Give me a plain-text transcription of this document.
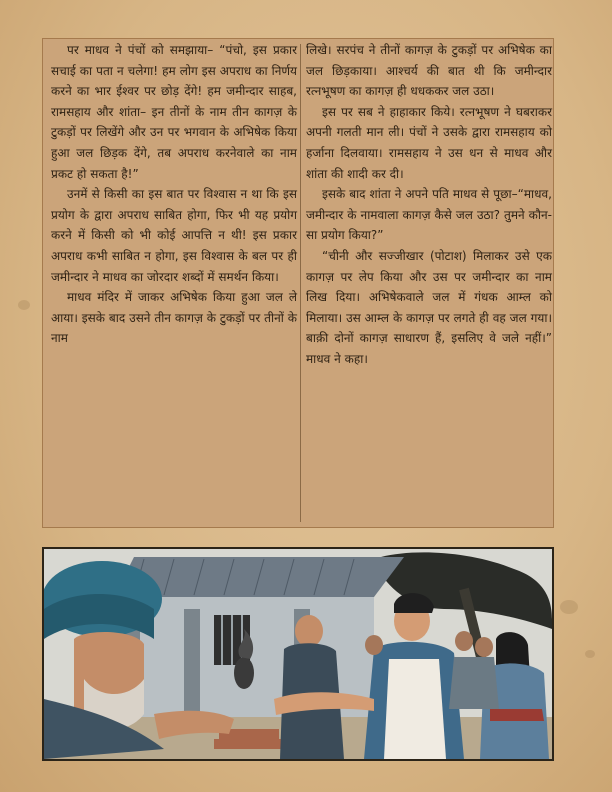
पर माधव ने पंचों को समझाया– “पंचो, इस प्रकार सचाई का पता न चलेगा! हम लोग इस अपराध का निर्णय करने का भार ईश्वर पर छोड़ देंगे! हम जमीन्दार साहब, रामसहाय और शांता– इन तीनों के नाम तीन कागज़ के टुकड़ों पर लिखेंगे और उन पर भगवान के अभिषेक किया हुआ जल छिड़क देंगे, तब अपराध करनेवाले का नाम प्रकट हो सकता है!”

उनमें से किसी का इस बात पर विश्वास न था कि इस प्रयोग के द्वारा अपराध साबित होगा, फिर भी यह प्रयोग करने में किसी को भी कोई आपत्ति न थी! इस प्रकार अपराध कभी साबित न होगा, इस विश्वास के बल पर ही जमीन्दार ने माधव का जोरदार शब्दों में समर्थन किया।

माधव मंदिर में जाकर अभिषेक किया हुआ जल ले आया। इसके बाद उसने तीन कागज़ के टुकड़ों पर तीनों के नाम

लिखे। सरपंच ने तीनों कागज़ के टुकड़ों पर अभिषेक का जल छिड़काया। आश्चर्य की बात थी कि जमीन्दार रत्नभूषण का कागज़ ही धधककर जल उठा।

इस पर सब ने हाहाकार किये। रत्नभूषण ने घबराकर अपनी गलती मान ली। पंचों ने उसके द्वारा रामसहाय को हर्जाना दिलवाया। रामसहाय ने उस धन से माधव और शांता की शादी कर दी।

इसके बाद शांता ने अपने पति माधव से पूछा–“माधव, जमीन्दार के नामवाला कागज़ कैसे जल उठा? तुमने कौन-सा प्रयोग किया?”

“चीनी और सज्जीखार (पोटाश) मिलाकर उसे एक कागज़ पर लेप किया और उस पर जमीन्दार का नाम लिख दिया। अभिषेकवाले जल में गंधक आम्ल को मिलाया। उस आम्ल के कागज़ पर लगते ही वह जल गया। बाक़ी दोनों कागज़ साधारण हैं, इसलिए वे जले नहीं।” माधव ने कहा।
